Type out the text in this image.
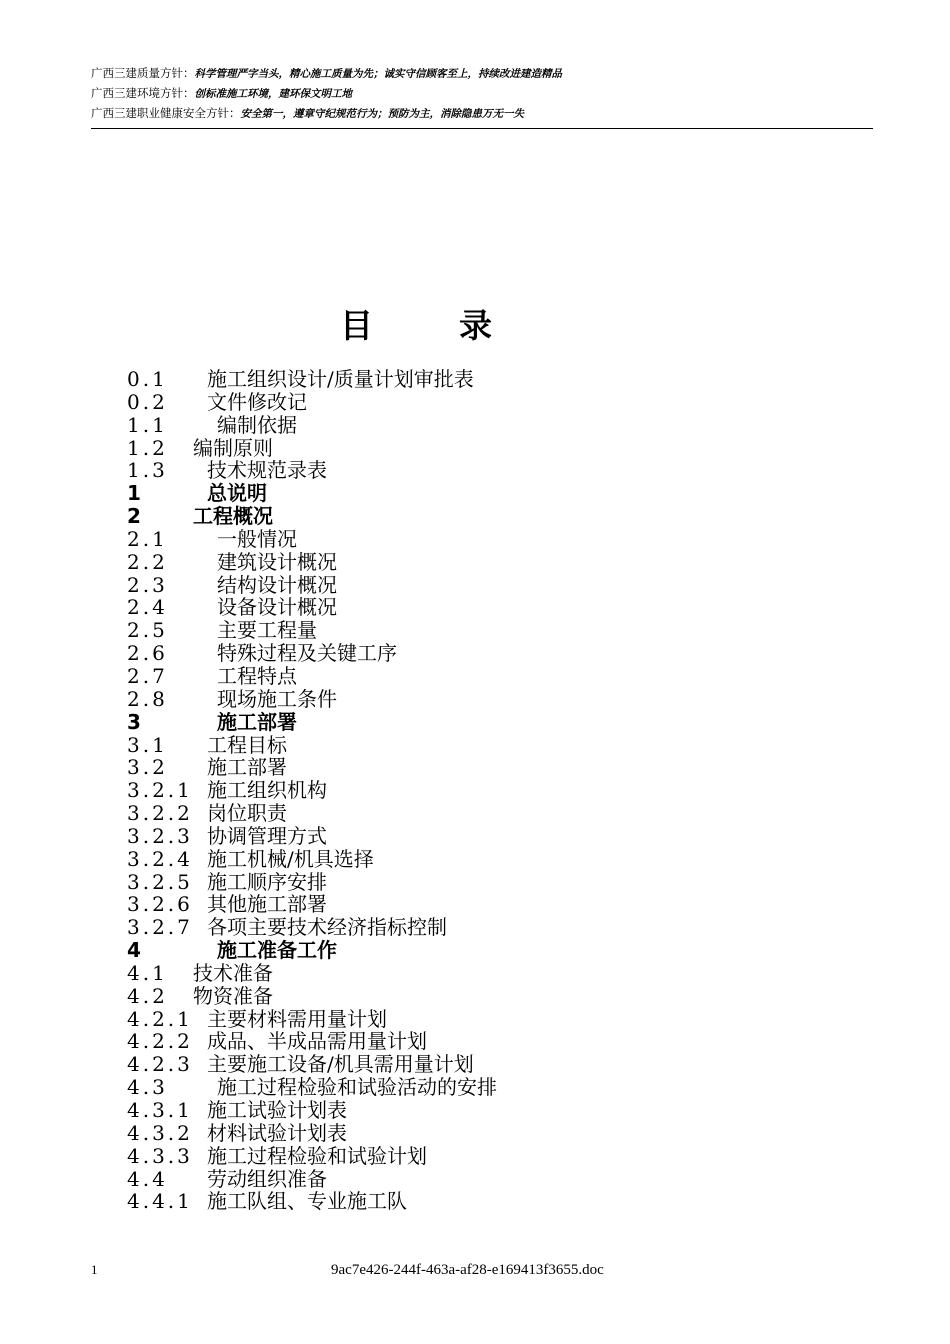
广西三建质量方针：科学管理严字当头，精心施工质量为先；诚实守信顾客至上，持续改进建造精品
广西三建环境方针：创标准施工环境，建环保文明工地
广西三建职业健康安全方针：安全第一，遵章守纪规范行为；预防为主，消除隐患万无一失
目	录
0.1 施工组织设计/质量计划审批表
0.2 文件修改记
1.1 编制依据
1.2 编制原则
1.3 技术规范录表
1	总说明
2 工程概况
2.1 一般情况
2.2 建筑设计概况
2.3 结构设计概况
2.4 设备设计概况
2.5 主要工程量
2.6 特殊过程及关键工序
2.7 工程特点
2.8 现场施工条件
3	施工部署
3.1 工程目标
3.2 施工部署
3.2.1 施工组织机构
3.2.2 岗位职责
3.2.3 协调管理方式
3.2.4 施工机械/机具选择
3.2.5 施工顺序安排
3.2.6 其他施工部署
3.2.7 各项主要技术经济指标控制
4	施工准备工作
4.1 技术准备
4.2 物资准备
4.2.1 主要材料需用量计划
4.2.2 成品、半成品需用量计划
4.2.3 主要施工设备/机具需用量计划
4.3 施工过程检验和试验活动的安排
4.3.1 施工试验计划表
4.3.2 材料试验计划表
4.3.3 施工过程检验和试验计划
4.4 劳动组织准备
4.4.1 施工队组、专业施工队
1	9ac7e426-244f-463a-af28-e169413f3655.doc
